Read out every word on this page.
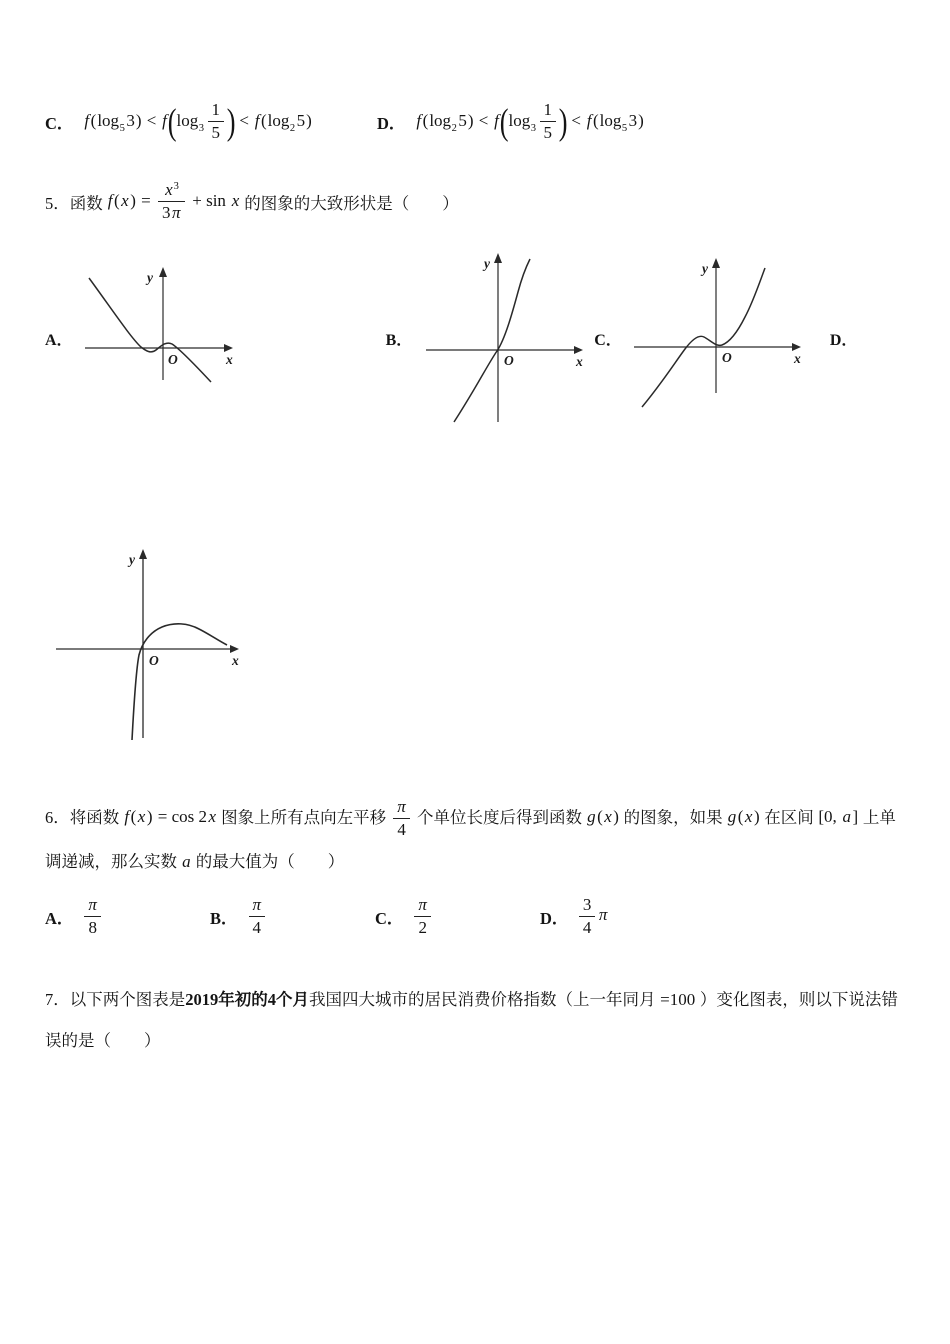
C． $f(\log_53) < f(\log_3 \frac{1}{5}$ ) < $f(\log_25)$	D． $f(\log_25) < f(\log_3 \frac{1}{5}$ ) < $f(\log_53)$
5．函数 $f(x) = \frac{x^3}{3\pi} + \sin x$ 的图象的大致形状是（　　）
A．
y
x
O
B．
y
x
O
C．
y
x
O
D．
y
x
O
6．将函数 f(x) = cos 2x 图象上所有点向左平移 $\frac{\pi}{4}$ 个单位长度后得到函数 g(x) 的图象，如果 g(x) 在区间 [0, a] 上单
调递减，那么实数 a 的最大值为（　　）
A． $\frac{\pi}{8}$	B． $\frac{\pi}{4}$	C． $\frac{\pi}{2}$	D． $\frac{3}{4}$ π
7．以下两个图表是2019年初的4个月我国四大城市的居民消费价格指数（上一年同月 =100 ）变化图表，则以下说法错
误的是（　　）
